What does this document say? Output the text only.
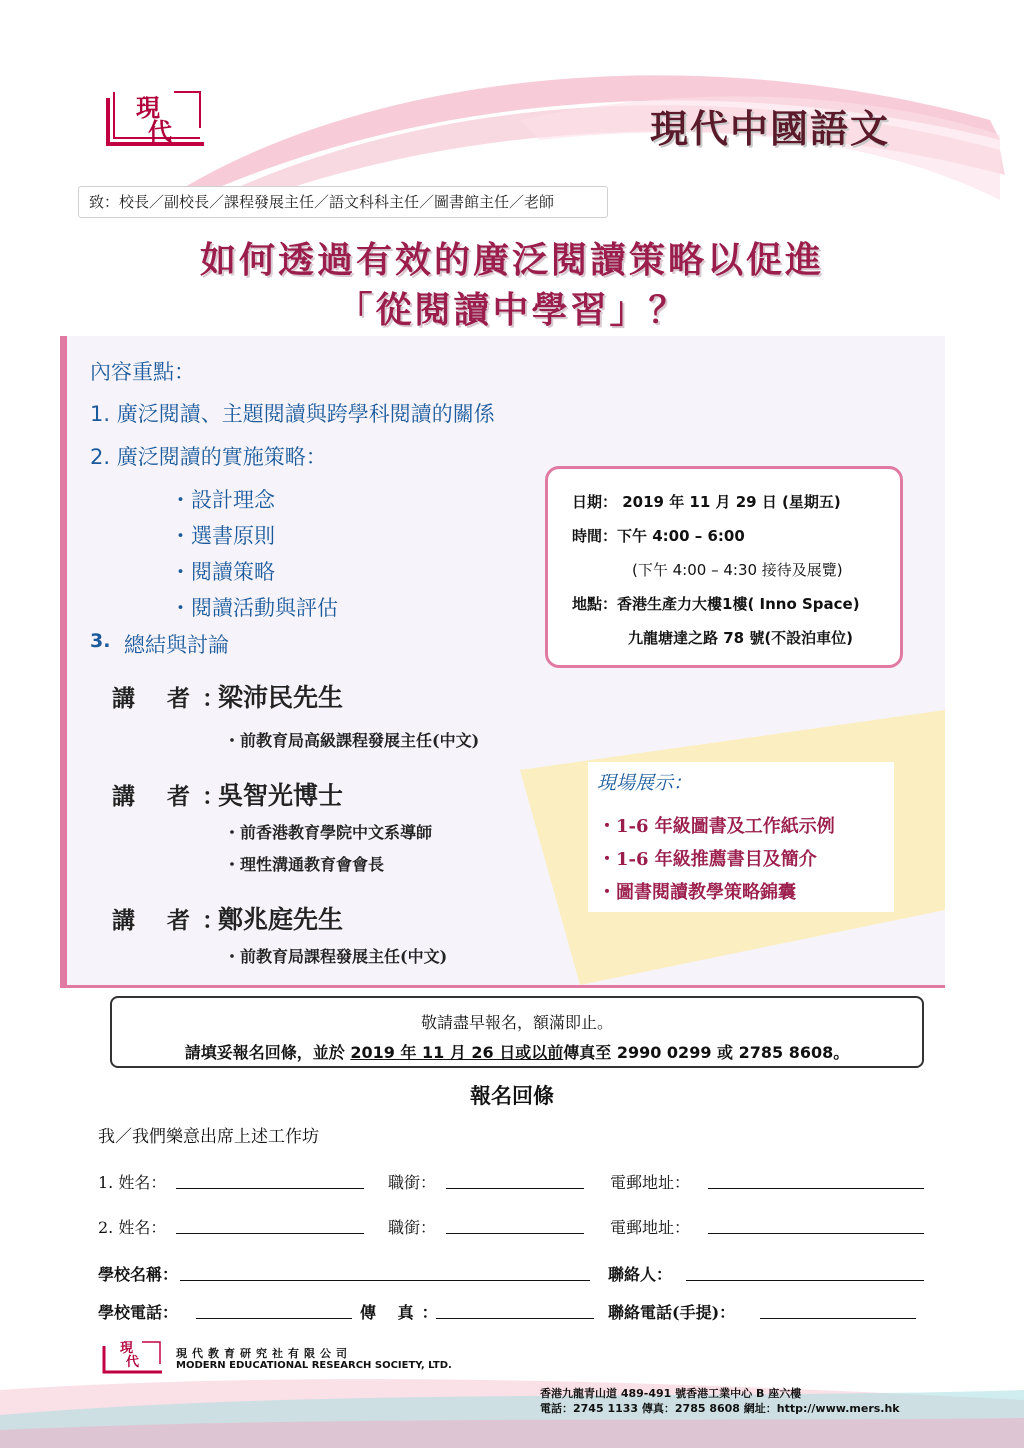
現
代	現代中國語文
致：校長／副校長／課程發展主任／語文科科主任／圖書館主任／老師
如何透過有效的廣泛閱讀策略以促進
「從閱讀中學習」？
內容重點：
1. 廣泛閱讀、主題閱讀與跨學科閱讀的關係
2. 廣泛閱讀的實施策略：
・設計理念
・選書原則
・閱讀策略
・閱讀活動與評估
3. 總結與討論
日期： 2019 年 11 月 29 日 (星期五)
時間：下午 4:00 – 6:00
(下午 4:00 – 4:30 接待及展覽)
地點：香港生產力大樓1樓( Inno Space)
九龍塘達之路 78 號(不設泊車位)
現場展示：
・1-6 年級圖書及工作紙示例
・1-6 年級推薦書目及簡介
・圖書閱讀教學策略錦囊
講 者：
梁沛民先生
・前教育局高級課程發展主任(中文)
講 者：
吳智光博士
・前香港教育學院中文系導師
・理性溝通教育會會長
講 者：
鄭兆庭先生
・前教育局課程發展主任(中文)
敬請盡早報名，額滿即止。
請填妥報名回條，並於 2019 年 11 月 26 日或以前傳真至 2990 0299 或 2785 8608。
報名回條
我／我們樂意出席上述工作坊
1. 姓名：	職銜：	電郵地址：
2. 姓名：	職銜：	電郵地址：
學校名稱：	聯絡人：
學校電話：	傳 真：	聯絡電話(手提)：
現
代
現代教育研究社有限公司
MODERN EDUCATIONAL RESEARCH SOCIETY, LTD.
香港九龍青山道 489-491 號香港工業中心 B 座六樓
電話：2745 1133 傳真：2785 8608 網址：http://www.mers.hk
